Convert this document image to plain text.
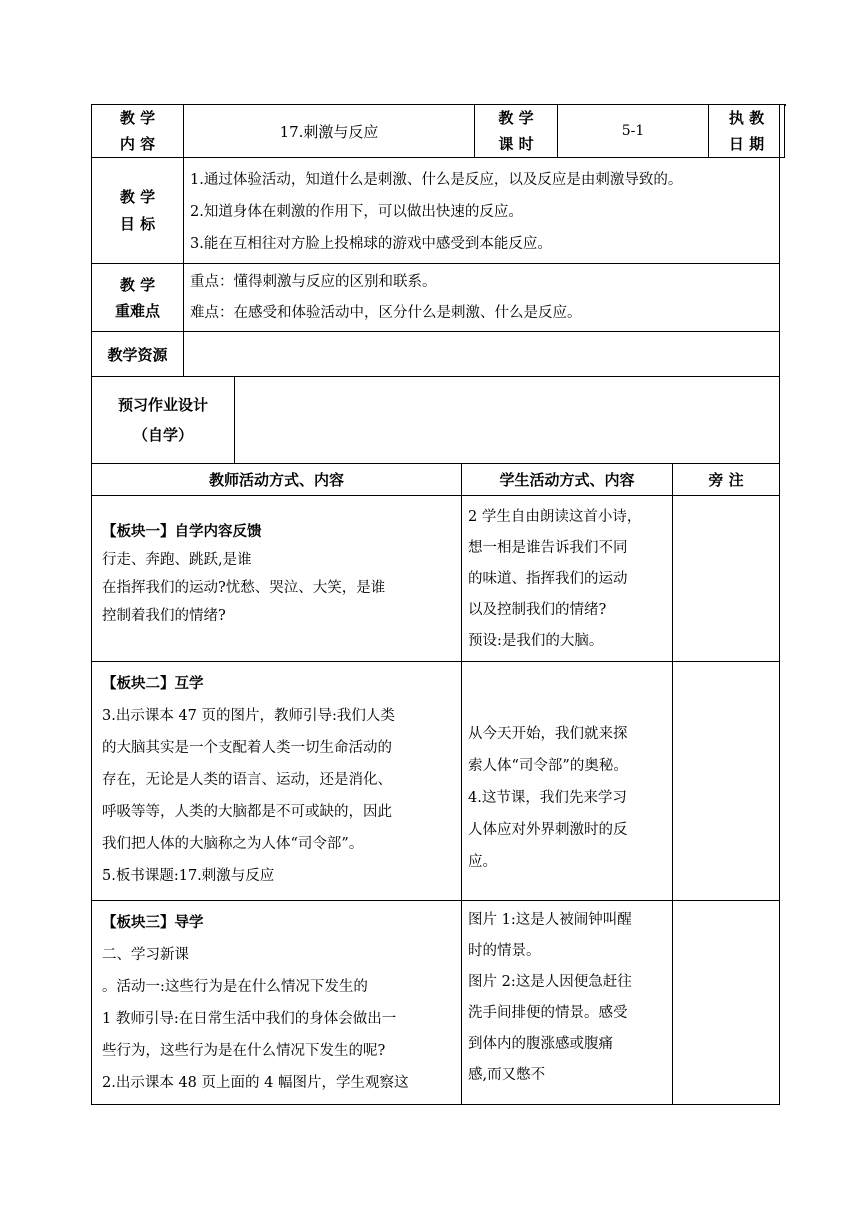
教 学
内 容
17.刺激与反应
教 学
课 时
5-1
执 教
日 期
教 学
目 标
1.通过体验活动，知道什么是刺激、什么是反应，以及反应是由刺激导致的。
2.知道身体在刺激的作用下，可以做出快速的反应。
3.能在互相往对方脸上投棉球的游戏中感受到本能反应。
教 学
重难点
重点：懂得刺激与反应的区别和联系。
难点：在感受和体验活动中，区分什么是刺激、什么是反应。
教学资源
预习作业设计
（自学）
教师活动方式、内容	学生活动方式、内容	旁 注
【板块一】自学内容反馈
行走、奔跑、跳跃,是谁
在指挥我们的运动?忧愁、哭泣、大笑，是谁
控制着我们的情绪?
2 学生自由朗读这首小诗，
想一相是谁告诉我们不同
的味道、指挥我们的运动
以及控制我们的情绪?
预设:是我们的大脑。
【板块二】互学
3.出示课本 47 页的图片，教师引导:我们人类
的大脑其实是一个支配着人类一切生命活动的
存在，无论是人类的语言、运动，还是消化、
呼吸等等，人类的大脑都是不可或缺的，因此
我们把人体的大脑称之为人体“司令部”。
5.板书课题:17.刺激与反应
从今天开始，我们就来探
索人体“司令部”的奥秘。
4.这节课，我们先来学习
人体应对外界刺激时的反
应。
【板块三】导学
二、学习新课
。活动一:这些行为是在什么情况下发生的
1 教师引导:在日常生活中我们的身体会做出一
些行为，这些行为是在什么情况下发生的呢?
2.出示课本 48 页上面的 4 幅图片，学生观察这
图片 1:这是人被闹钟叫醒
时的情景。
图片 2:这是人因便急赶往
洗手间排便的情景。感受
到体内的腹涨感或腹痛
感,而又憋不
